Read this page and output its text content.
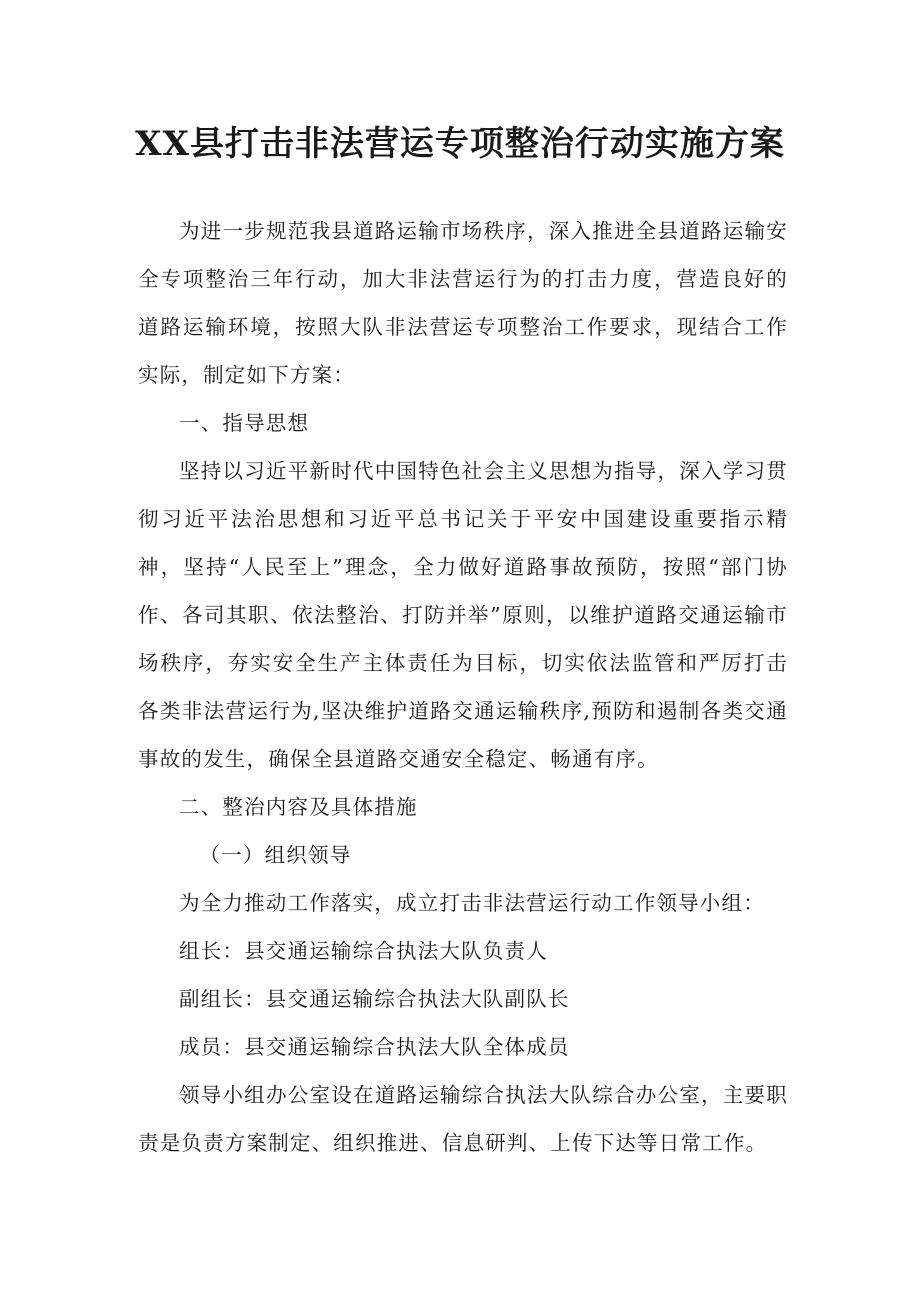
XX县打击非法营运专项整治行动实施方案

为进一步规范我县道路运输市场秩序，深入推进全县道路运输安全专项整治三年行动，加大非法营运行为的打击力度，营造良好的道路运输环境，按照大队非法营运专项整治工作要求，现结合工作实际，制定如下方案：

一、指导思想

坚持以习近平新时代中国特色社会主义思想为指导，深入学习贯彻习近平法治思想和习近平总书记关于平安中国建设重要指示精神，坚持“人民至上”理念，全力做好道路事故预防，按照“部门协作、各司其职、依法整治、打防并举”原则，以维护道路交通运输市场秩序，夯实安全生产主体责任为目标，切实依法监管和严厉打击各类非法营运行为,坚决维护道路交通运输秩序,预防和遏制各类交通事故的发生，确保全县道路交通安全稳定、畅通有序。

二、整治内容及具体措施

（一）组织领导

为全力推动工作落实，成立打击非法营运行动工作领导小组：

组长：县交通运输综合执法大队负责人

副组长：县交通运输综合执法大队副队长

成员：县交通运输综合执法大队全体成员

领导小组办公室设在道路运输综合执法大队综合办公室，主要职责是负责方案制定、组织推进、信息研判、上传下达等日常工作。
